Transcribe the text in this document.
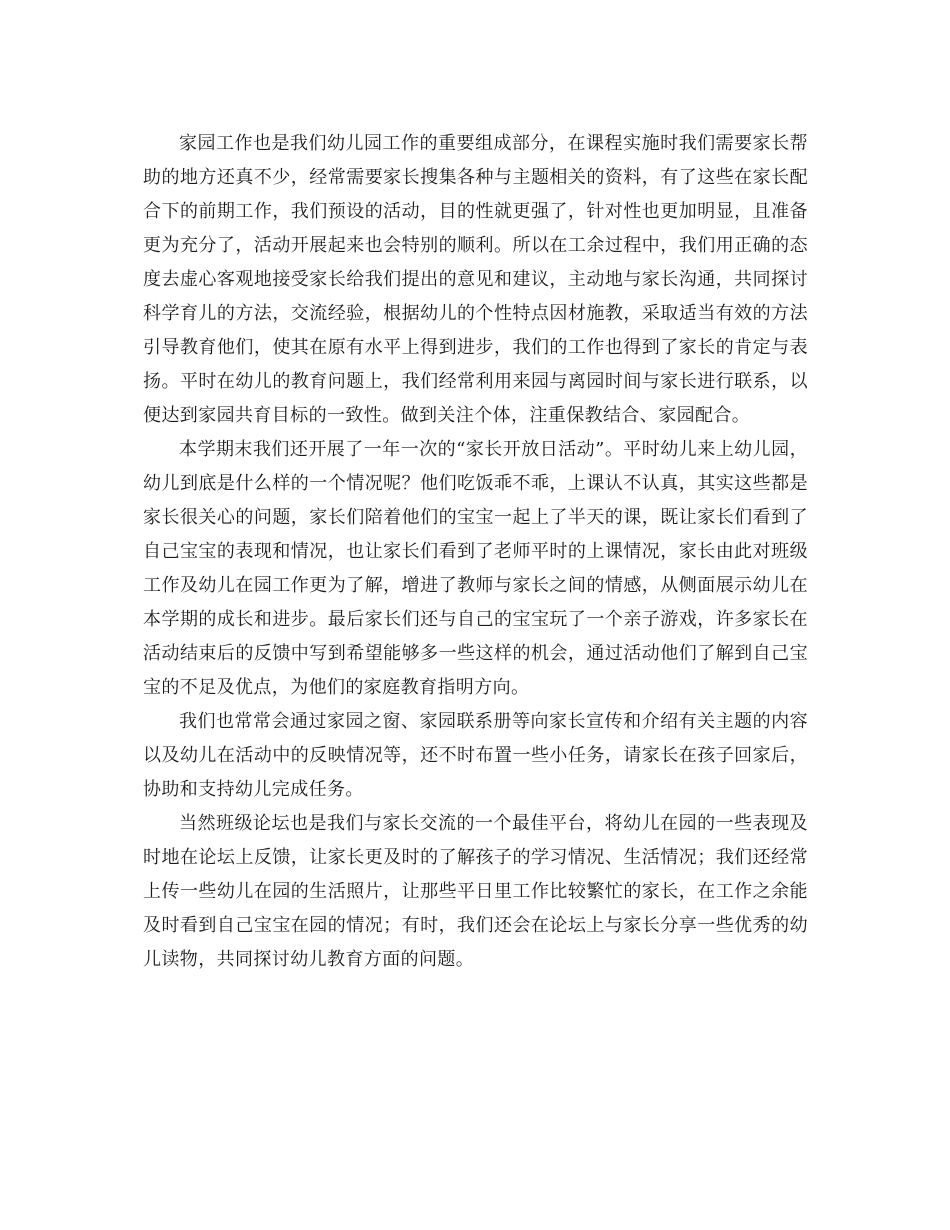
家园工作也是我们幼儿园工作的重要组成部分，在课程实施时我们需要家长帮助的地方还真不少，经常需要家长搜集各种与主题相关的资料，有了这些在家长配合下的前期工作，我们预设的活动，目的性就更强了，针对性也更加明显，且准备更为充分了，活动开展起来也会特别的顺利。所以在工余过程中，我们用正确的态度去虚心客观地接受家长给我们提出的意见和建议，主动地与家长沟通，共同探讨科学育儿的方法，交流经验，根据幼儿的个性特点因材施教，采取适当有效的方法引导教育他们，使其在原有水平上得到进步，我们的工作也得到了家长的肯定与表扬。平时在幼儿的教育问题上，我们经常利用来园与离园时间与家长进行联系，以便达到家园共育目标的一致性。做到关注个体，注重保教结合、家园配合。

本学期末我们还开展了一年一次的“家长开放日活动”。平时幼儿来上幼儿园，幼儿到底是什么样的一个情况呢？他们吃饭乖不乖，上课认不认真，其实这些都是家长很关心的问题，家长们陪着他们的宝宝一起上了半天的课，既让家长们看到了自己宝宝的表现和情况，也让家长们看到了老师平时的上课情况，家长由此对班级工作及幼儿在园工作更为了解，增进了教师与家长之间的情感，从侧面展示幼儿在本学期的成长和进步。最后家长们还与自己的宝宝玩了一个亲子游戏，许多家长在活动结束后的反馈中写到希望能够多一些这样的机会，通过活动他们了解到自己宝宝的不足及优点，为他们的家庭教育指明方向。

我们也常常会通过家园之窗、家园联系册等向家长宣传和介绍有关主题的内容以及幼儿在活动中的反映情况等，还不时布置一些小任务，请家长在孩子回家后，协助和支持幼儿完成任务。

当然班级论坛也是我们与家长交流的一个最佳平台，将幼儿在园的一些表现及时地在论坛上反馈，让家长更及时的了解孩子的学习情况、生活情况；我们还经常上传一些幼儿在园的生活照片，让那些平日里工作比较繁忙的家长，在工作之余能及时看到自己宝宝在园的情况；有时，我们还会在论坛上与家长分享一些优秀的幼儿读物，共同探讨幼儿教育方面的问题。
